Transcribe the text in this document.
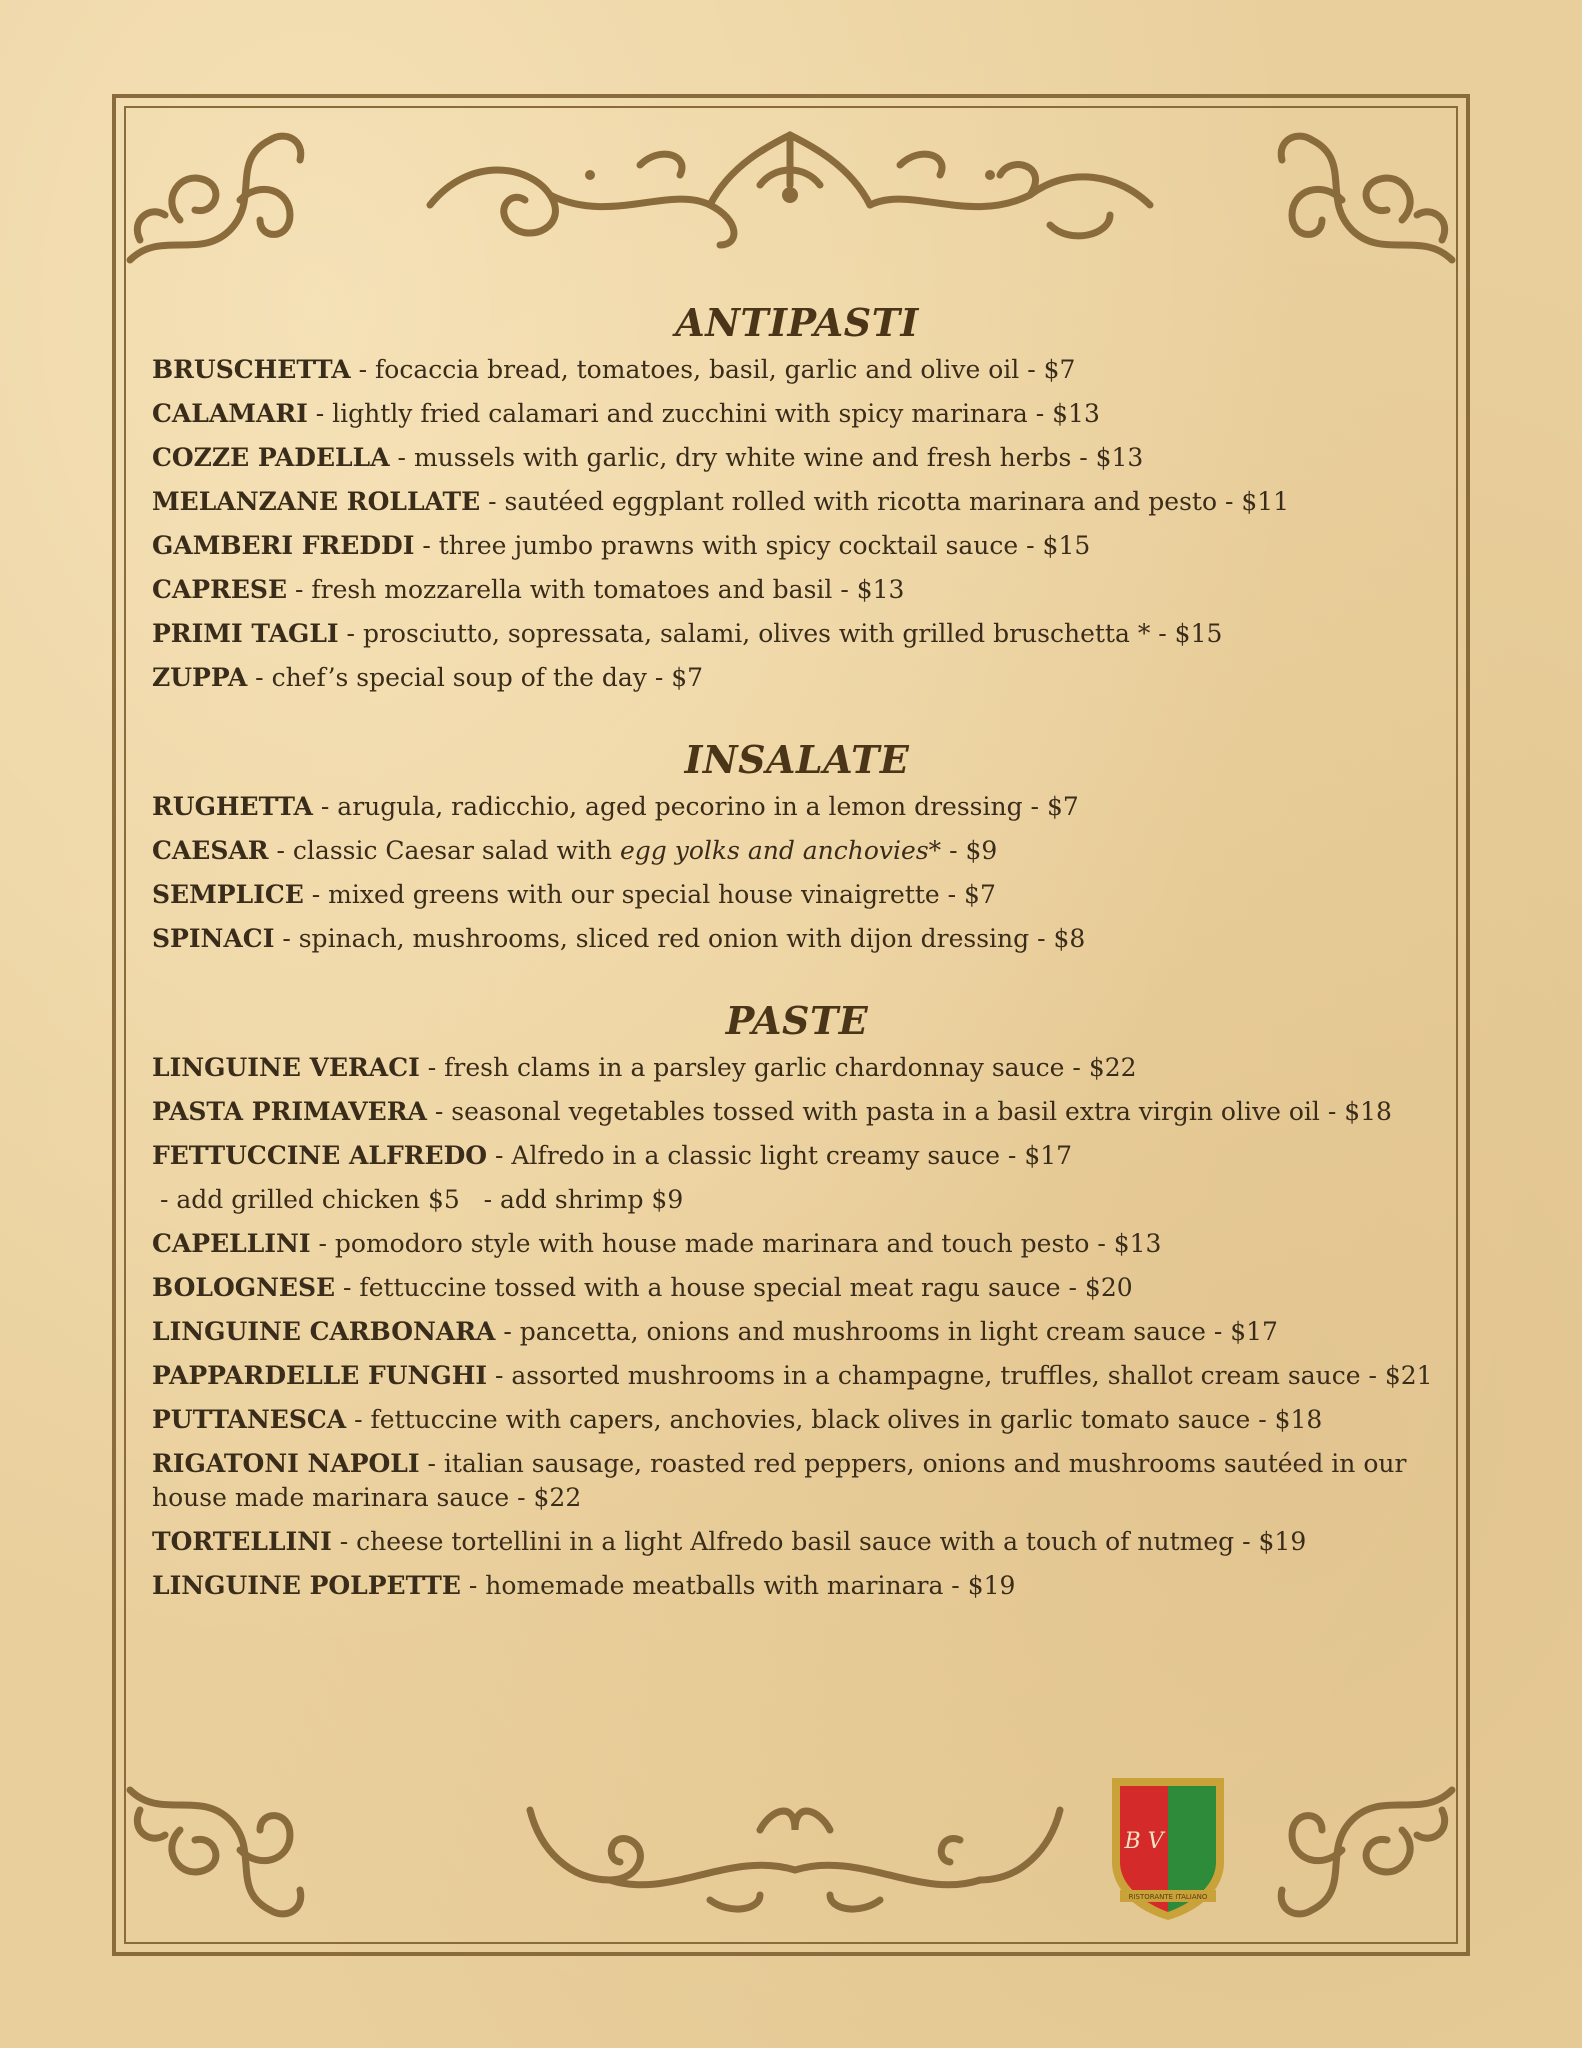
B V
RISTORANTE ITALIANO
ANTIPASTI
BRUSCHETTA - focaccia bread, tomatoes, basil, garlic and olive oil - $7
CALAMARI - lightly fried calamari and zucchini with spicy marinara - $13
COZZE PADELLA - mussels with garlic, dry white wine and fresh herbs - $13
MELANZANE ROLLATE - sautéed eggplant rolled with ricotta marinara and pesto - $11
GAMBERI FREDDI - three jumbo prawns with spicy cocktail sauce - $15
CAPRESE - fresh mozzarella with tomatoes and basil - $13
PRIMI TAGLI - prosciutto, sopressata, salami, olives with grilled bruschetta * - $15
ZUPPA - chef’s special soup of the day - $7
INSALATE
RUGHETTA - arugula, radicchio, aged pecorino in a lemon dressing - $7
CAESAR - classic Caesar salad with egg yolks and anchovies* - $9
SEMPLICE - mixed greens with our special house vinaigrette - $7
SPINACI - spinach, mushrooms, sliced red onion with dijon dressing - $8
PASTE
LINGUINE VERACI - fresh clams in a parsley garlic chardonnay sauce - $22
PASTA PRIMAVERA - seasonal vegetables tossed with pasta in a basil extra virgin olive oil - $18
FETTUCCINE ALFREDO - Alfredo in a classic light creamy sauce - $17
- add grilled chicken $5   - add shrimp $9
CAPELLINI - pomodoro style with house made marinara and touch pesto - $13
BOLOGNESE - fettuccine tossed with a house special meat ragu sauce - $20
LINGUINE CARBONARA - pancetta, onions and mushrooms in light cream sauce - $17
PAPPARDELLE FUNGHI - assorted mushrooms in a champagne, truffles, shallot cream sauce - $21
PUTTANESCA - fettuccine with capers, anchovies, black olives in garlic tomato sauce - $18
RIGATONI NAPOLI - italian sausage, roasted red peppers, onions and mushrooms sautéed in our house made marinara sauce - $22
TORTELLINI - cheese tortellini in a light Alfredo basil sauce with a touch of nutmeg - $19
LINGUINE POLPETTE - homemade meatballs with marinara - $19
